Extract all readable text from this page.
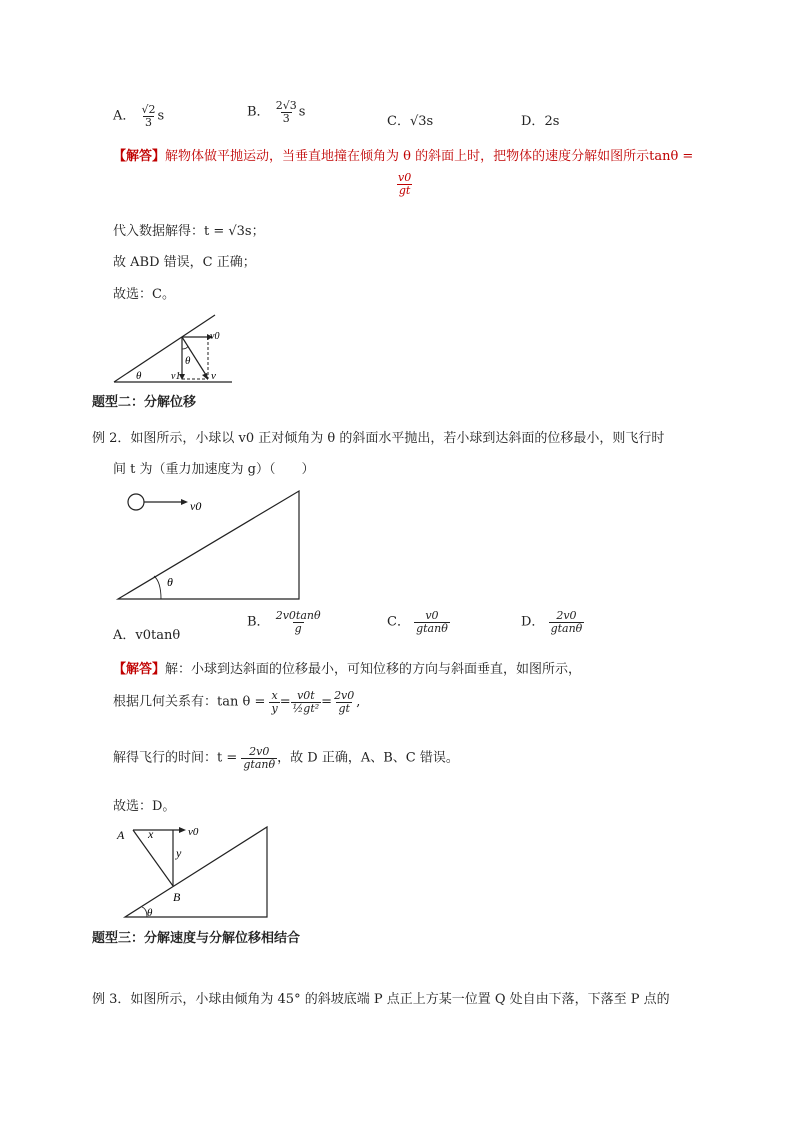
A． $\frac{√2}{3}$ s	B． $\frac{2√3}{3}$ s
C．√3s	D．2s
【解答】解物体做平抛运动，当垂直地撞在倾角为 θ 的斜面上时，把物体的速度分解如图所示tanθ =
$\frac{v0}{gt}$
代入数据解得：t = √3s；
故 ABD 错误，C 正确；
故选：C。
v0
θ
θ
v1	v
题型二：分解位移
例 2．如图所示，小球以 v0 正对倾角为 θ 的斜面水平抛出，若小球到达斜面的位移最小，则飞行时
间 t 为（重力加速度为 g）（　　）
v0
θ
A．v0tanθ
B． $\frac{2v0\tan\theta}{g}$	C． $\frac{v0}{gtan\theta}$	D． $\frac{2v0}{gtan\theta}$
【解答】解：小球到达斜面的位移最小，可知位移的方向与斜面垂直，如图所示，
根据几何关系有：$\tan \theta = \frac{x}{y} = \frac{v0t}{\text{½gt²}} = \frac{2v0}{gt}$ ,
解得飞行的时间：$t = \frac{2v0}{gtan\theta}$ ，故 D 正确，A、B、C 错误。
故选：D。
A x	v0
y
B
θ
题型三：分解速度与分解位移相结合
例 3．如图所示，小球由倾角为 45° 的斜坡底端 P 点正上方某一位置 Q 处自由下落，下落至 P 点的
